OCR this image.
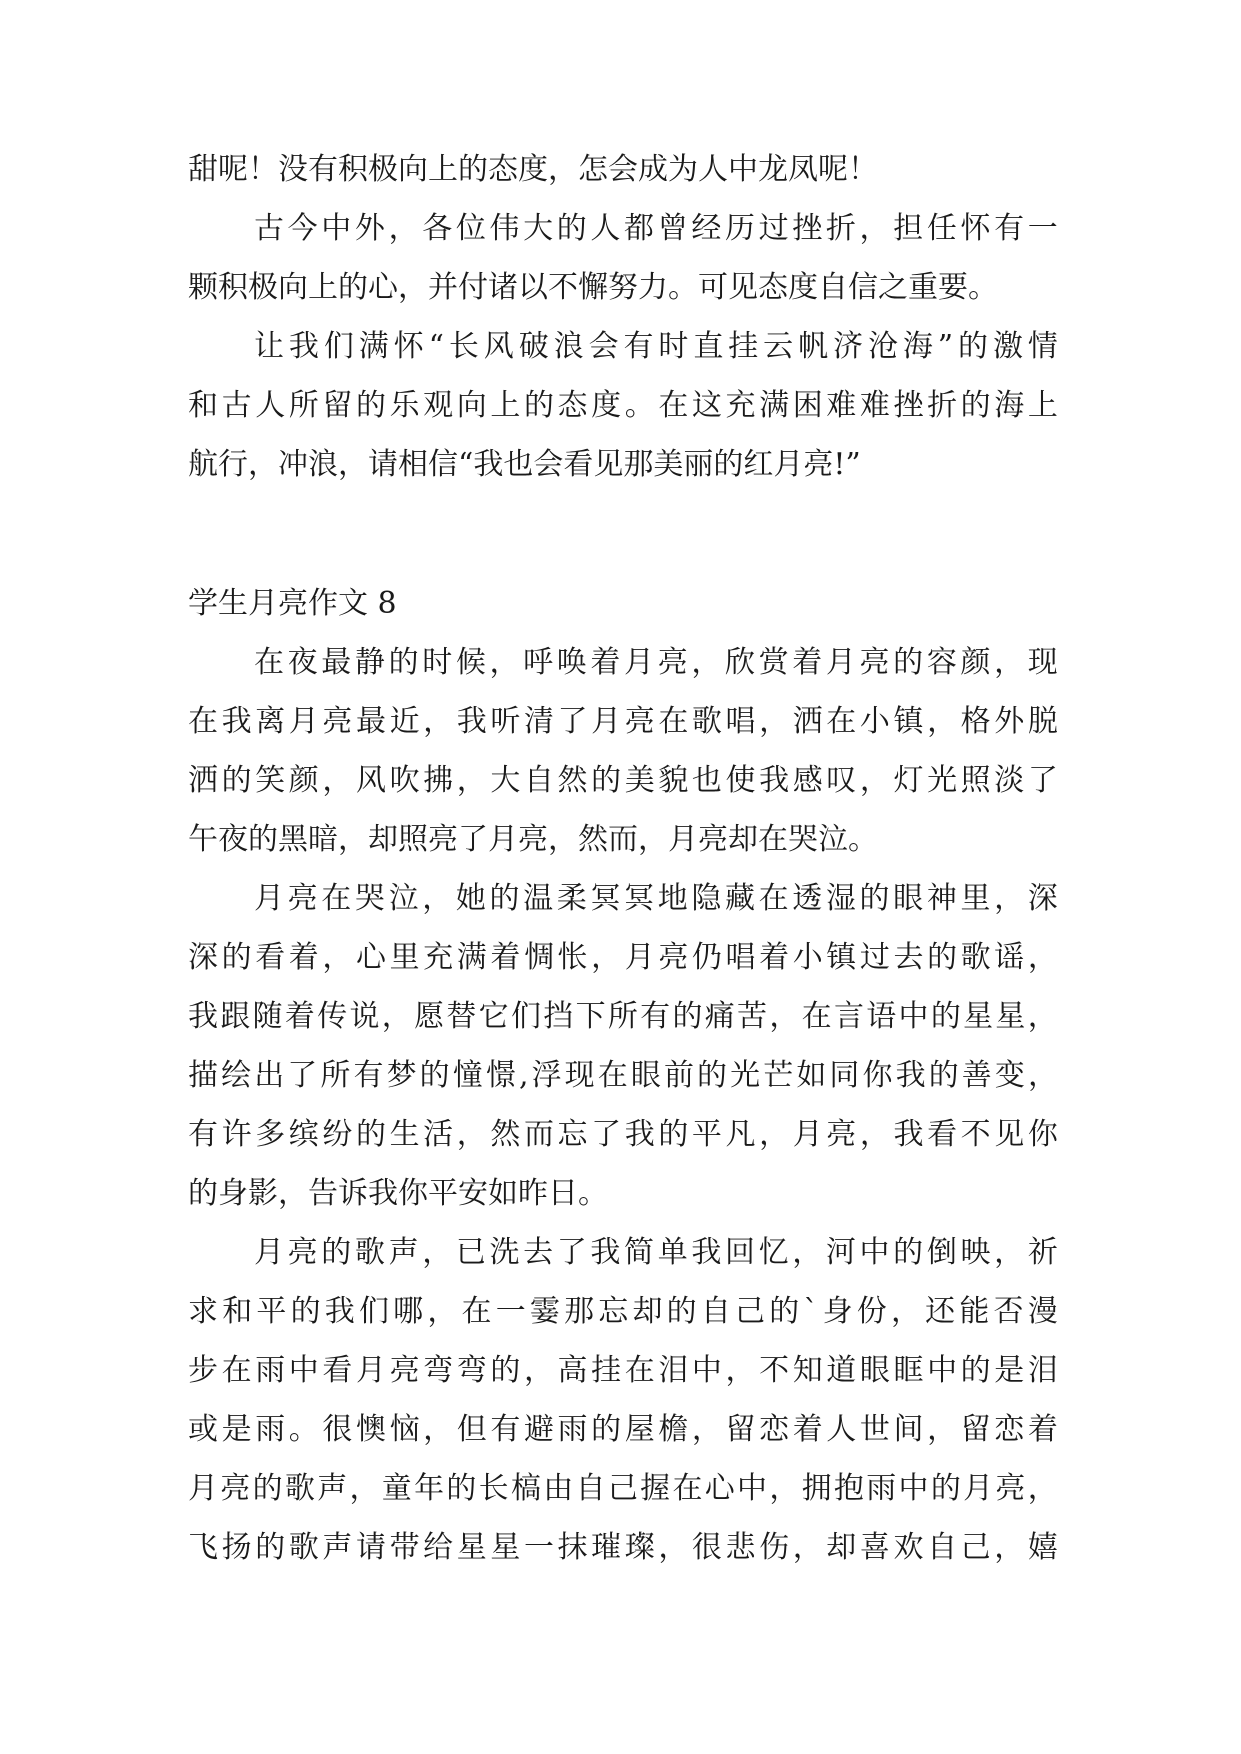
甜呢！没有积极向上的态度，怎会成为人中龙凤呢！
古 今 中 外 ， 各 位 伟 大 的 人 都 曾 经 历 过 挫 折 ， 担 任 怀 有 一
颗积极向上的心，并付诸以不懈努力。可见态度自信之重要。
让 我 们 满 怀 “ 长 风 破 浪 会 有 时 直 挂 云 帆 济 沧 海 ” 的 激 情
和 古 人 所 留 的 乐 观 向 上 的 态 度 。 在 这 充 满 困 难 难 挫 折 的 海 上
航行，冲浪，请相信“我也会看见那美丽的红月亮!”
学生月亮作文 8
在 夜 最 静 的 时 候 ， 呼 唤 着 月 亮 ， 欣 赏 着 月 亮 的 容 颜 ， 现
在 我 离 月 亮 最 近 ， 我 听 清 了 月 亮 在 歌 唱 ， 洒 在 小 镇 ， 格 外 脱
洒 的 笑 颜 ， 风 吹 拂 ， 大 自 然 的 美 貌 也 使 我 感 叹 ， 灯 光 照 淡 了
午夜的黑暗，却照亮了月亮，然而，月亮却在哭泣。
月 亮 在 哭 泣 ， 她 的 温 柔 冥 冥 地 隐 藏 在 透 湿 的 眼 神 里 ， 深
深 的 看 着 ， 心 里 充 满 着 惆 怅 ， 月 亮 仍 唱 着 小 镇 过 去 的 歌 谣 ，
我 跟 随 着 传 说 ， 愿 替 它 们 挡 下 所 有 的 痛 苦 ， 在 言 语 中 的 星 星 ，
描 绘 出 了 所 有 梦 的 憧 憬 , 浮 现 在 眼 前 的 光 芒 如 同 你 我 的 善 变 ，
有 许 多 缤 纷 的 生 活 ， 然 而 忘 了 我 的 平 凡 ， 月 亮 ， 我 看 不 见 你
的身影，告诉我你平安如昨日。
月 亮 的 歌 声 ， 已 洗 去 了 我 简 单 我 回 忆 ， 河 中 的 倒 映 ， 祈
求 和 平 的 我 们 哪 ， 在 一 霎 那 忘 却 的 自 己 的 ` 身 份 ， 还 能 否 漫
步 在 雨 中 看 月 亮 弯 弯 的 ， 高 挂 在 泪 中 ， 不 知 道 眼 眶 中 的 是 泪
或 是 雨 。 很 懊 恼 ， 但 有 避 雨 的 屋 檐 ， 留 恋 着 人 世 间 ， 留 恋 着
月 亮 的 歌 声 ， 童 年 的 长 槁 由 自 己 握 在 心 中 ， 拥 抱 雨 中 的 月 亮 ，
飞 扬 的 歌 声 请 带 给 星 星 一 抹 璀 璨 ， 很 悲 伤 ， 却 喜 欢 自 己 ， 嬉
